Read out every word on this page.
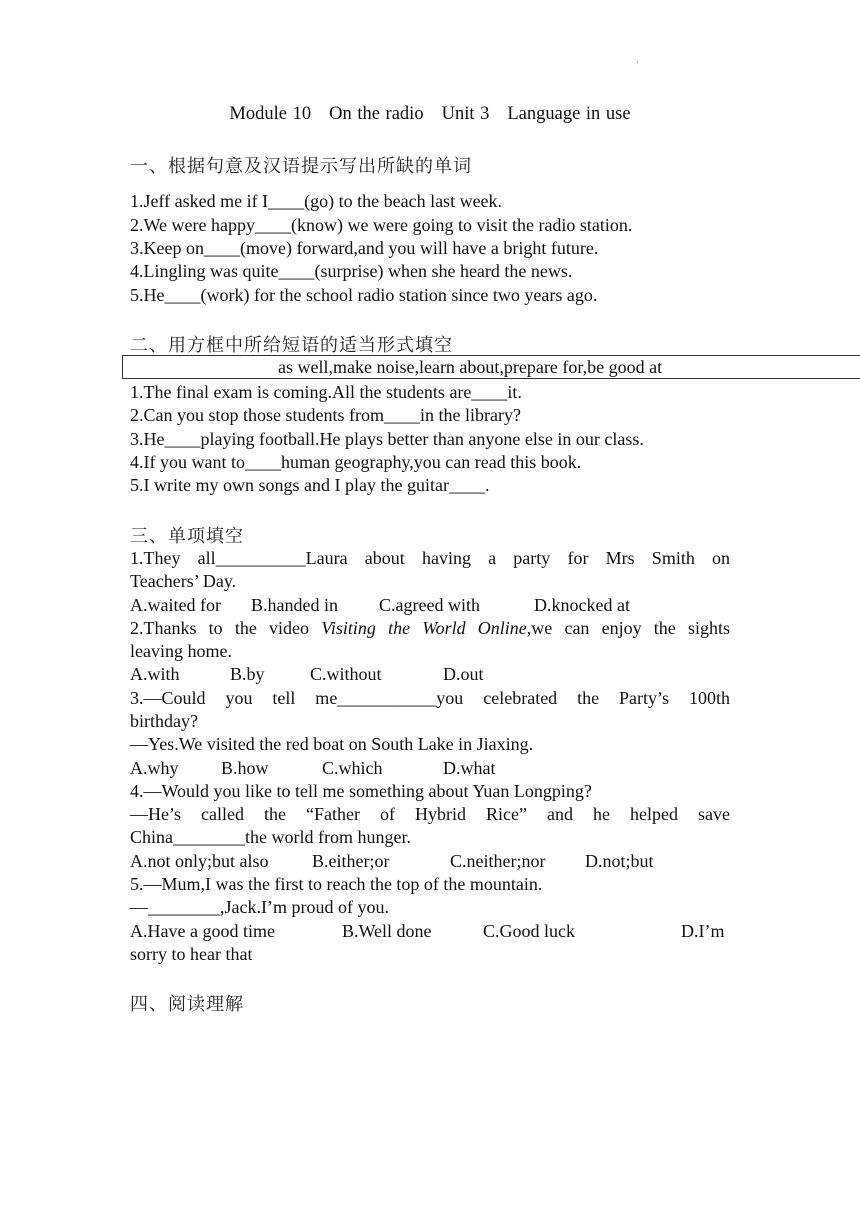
·
Module 10 On the radio Unit 3 Language in use
一、根据句意及汉语提示写出所缺的单词
1.Jeff asked me if I____(go) to the beach last week.
2.We were happy____(know) we were going to visit the radio station.
3.Keep on____(move) forward,and you will have a bright future.
4.Lingling was quite____(surprise) when she heard the news.
5.He____(work) for the school radio station since two years ago.
二、用方框中所给短语的适当形式填空
as well,make noise,learn about,prepare for,be good at
1.The final exam is coming.All the students are____it.
2.Can you stop those students from____in the library?
3.He____playing football.He plays better than anyone else in our class.
4.If you want to____human geography,you can read this book.
5.I write my own songs and I play the guitar____.
三、单项填空
1.They all__________Laura about having a party for Mrs Smith on
Teachers’ Day.
A.waited for B.handed in C.agreed with	D.knocked at
2.Thanks to the video Visiting the World Online,we can enjoy the sights
leaving home.
A.with	B.by	C.without	D.out
3.—Could you tell me___________you celebrated the Party’s 100th
birthday?
—Yes.We visited the red boat on South Lake in Jiaxing.
A.why B.how	C.which	D.what
4.—Would you like to tell me something about Yuan Longping?
—He’s called the “Father of Hybrid Rice” and he helped save
China________the world from hunger.
A.not only;but also B.either;or	C.neither;nor D.not;but
5.—Mum,I was the first to reach the top of the mountain.
—________,Jack.I’m proud of you.
A.Have a good time	B.Well done	C.Good luck	D.I’m
sorry to hear that
四、阅读理解
